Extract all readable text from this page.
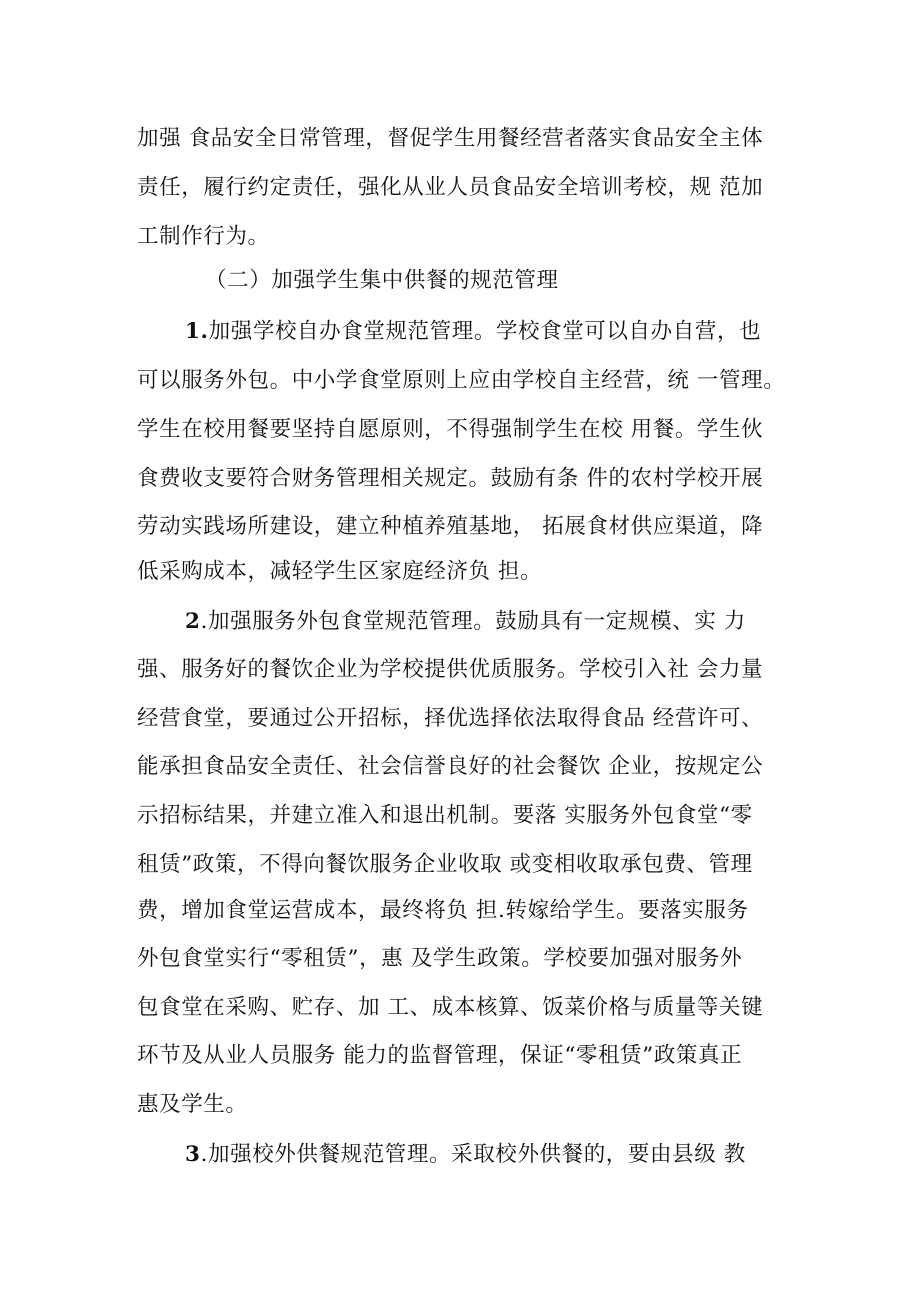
加强 食品安全日常管理，督促学生用餐经营者落实食品安全主体
责任，履行约定责任，强化从业人员食品安全培训考校，规 范加
工制作行为。
（二）加强学生集中供餐的规范管理
1.加强学校自办食堂规范管理。学校食堂可以自办自营，也
可以服务外包。中小学食堂原则上应由学校自主经营，统 一管理。
学生在校用餐要坚持自愿原则，不得强制学生在校 用餐。学生伙
食费收支要符合财务管理相关规定。鼓励有条 件的农村学校开展
劳动实践场所建设，建立种植养殖基地， 拓展食材供应渠道，降
低采购成本，减轻学生区家庭经济负 担。
2.加强服务外包食堂规范管理。鼓励具有一定规模、实 力
强、服务好的餐饮企业为学校提供优质服务。学校引入社 会力量
经营食堂，要通过公开招标，择优选择依法取得食品 经营许可、
能承担食品安全责任、社会信誉良好的社会餐饮 企业，按规定公
示招标结果，并建立准入和退出机制。要落 实服务外包食堂“零
租赁”政策，不得向餐饮服务企业收取 或变相收取承包费、管理
费，增加食堂运营成本，最终将负 担.转嫁给学生。要落实服务
外包食堂实行“零租赁”，惠 及学生政策。学校要加强对服务外
包食堂在采购、贮存、加 工、成本核算、饭菜价格与质量等关键
环节及从业人员服务 能力的监督管理，保证“零租赁”政策真正
惠及学生。
3.加强校外供餐规范管理。采取校外供餐的，要由县级 教
